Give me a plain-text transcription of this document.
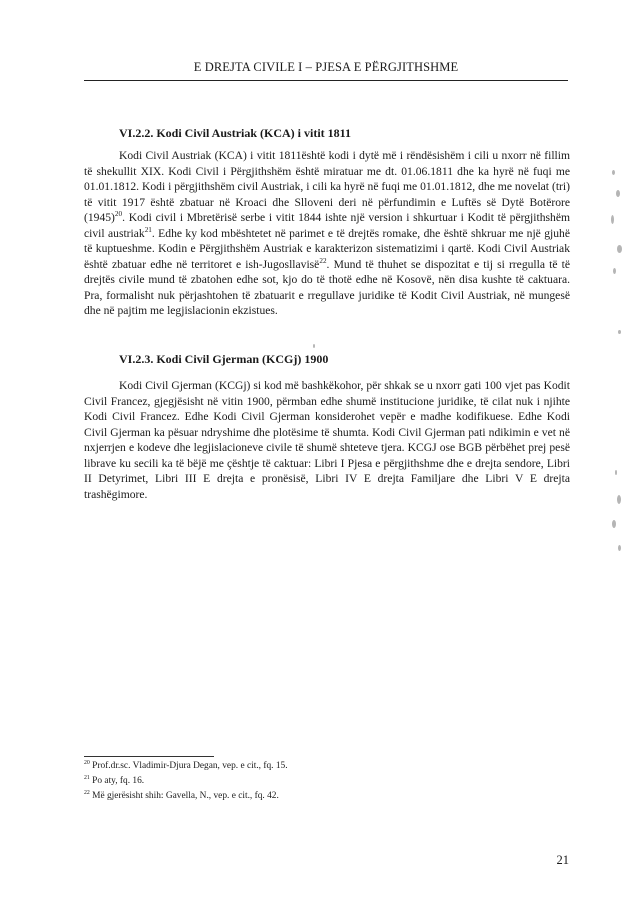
E DREJTA CIVILE I – PJESA E PËRGJITHSHME
VI.2.2. Kodi Civil Austriak (KCA) i vitit 1811

Kodi Civil Austriak (KCA) i vitit 1811është kodi i dytë më i rëndësishëm i cili u nxorr në fillim të shekullit XIX. Kodi Civil i Përgjithshëm është miratuar me dt. 01.06.1811 dhe ka hyrë në fuqi me 01.01.1812. Kodi i përgjithshëm civil Austriak, i cili ka hyrë në fuqi me 01.01.1812, dhe me novelat (tri) të vitit 1917 është zbatuar në Kroaci dhe Slloveni deri në përfundimin e Luftës së Dytë Botërore $(1945)^{20}$. Kodi civil i Mbretërisë serbe i vitit 1844 ishte një version i shkurtuar i Kodit të përgjithshëm civil austriak$^{21}$. Edhe ky kod mbështetet në parimet e të drejtës romake, dhe është shkruar me një gjuhë të kuptueshme. Kodin e Përgjithshëm Austriak e karakterizon sistematizimi i qartë. Kodi Civil Austriak është zbatuar edhe në territoret e ish-Jugosllavisë$^{22}$. Mund të thuhet se dispozitat e tij si rregulla të të drejtës civile mund të zbatohen edhe sot, kjo do të thotë edhe në Kosovë, nën disa kushte të caktuara. Pra, formalisht nuk përjashtohen të zbatuarit e rregullave juridike të Kodit Civil Austriak, në mungesë dhe në pajtim me legjislacionin ekzistues.

VI.2.3. Kodi Civil Gjerman (KCGj) 1900

Kodi Civil Gjerman (KCGj) si kod më bashkëkohor, për shkak se u nxorr gati 100 vjet pas Kodit Civil Francez, gjegjësisht në vitin 1900, përmban edhe shumë institucione juridike, të cilat nuk i njihte Kodi Civil Francez. Edhe Kodi Civil Gjerman konsiderohet vepër e madhe kodifikuese. Edhe Kodi Civil Gjerman ka pësuar ndryshime dhe plotësime të shumta. Kodi Civil Gjerman pati ndikimin e vet në nxjerrjen e kodeve dhe legjislacioneve civile të shumë shteteve tjera. KCGJ ose BGB përbëhet prej pesë librave ku secili ka të bëjë me çështje të caktuar: Libri I Pjesa e përgjithshme dhe e drejta sendore, Libri II Detyrimet, Libri III E drejta e pronësisë, Libri IV E drejta Familjare dhe Libri V E drejta trashëgimore.

$^{20}$ Prof.dr.sc. Vladimir-Djura Degan, vep. e cit., fq. 15.
$^{21}$ Po aty, fq. 16.
$^{22}$ Më gjerësisht shih: Gavella, N., vep. e cit., fq. 42.
21
